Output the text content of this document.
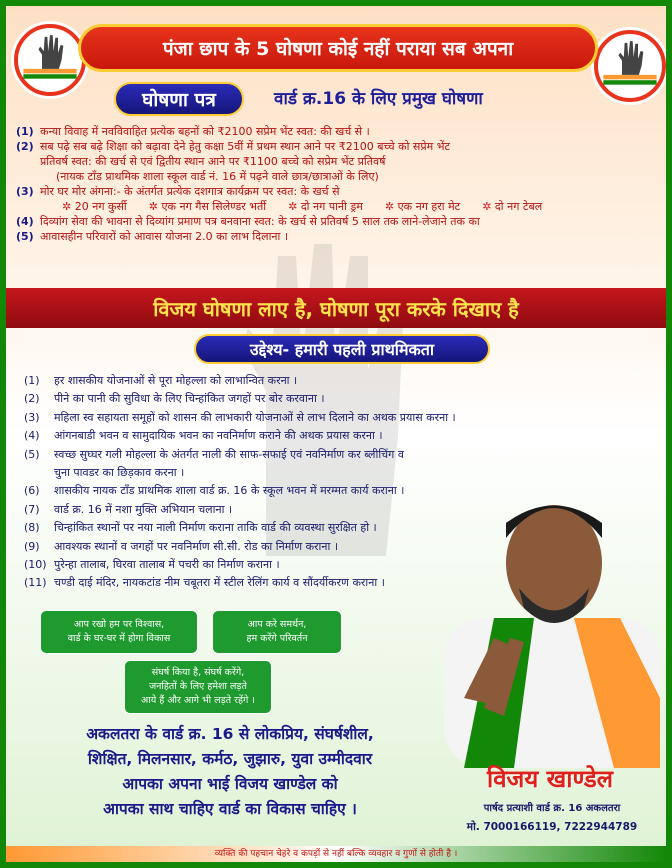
पंजा छाप के 5 घोषणा कोई नहीं पराया सब अपना
घोषणा पत्र	वार्ड क्र.16 के लिए प्रमुख घोषणा
(1) कन्या विवाह में नवविवाहित प्रत्येक बहनों को ₹2100 सप्रेम भेंट स्वत: की खर्च से ।
(2) सब पढ़े सब बढ़े शिक्षा को बढ़ावा देने हेतु कक्षा 5वीं में प्रथम स्थान आने पर ₹2100 बच्चे को सप्रेम भेंट
प्रतिवर्ष स्वत: की खर्च से एवं द्वितीय स्थान आने पर ₹1100 बच्चे को सप्रेम भेंट प्रतिवर्ष
(नायक टाँड प्राथमिक शाला स्कूल वार्ड नं. 16 में पढ़ने वाले छात्र/छात्राओं के लिए)
(3) मोर घर मोर अंगना:- के अंतर्गत प्रत्येक दशगात्र कार्यक्रम पर स्वत: के खर्च से
✲ 20 नग कुर्सी ✲ एक नग गैस सिलेण्डर भर्ती ✲ दो नग पानी ड्रम ✲ एक नग हरा मेट ✲ दो नग टेबल
(4) दिव्यांग सेवा की भावना से दिव्यांग प्रमाण पत्र बनवाना स्वत: के खर्च से प्रतिवर्ष 5 साल तक लाने-लेजाने तक का
(5) आवासहीन परिवारों को आवास योजना 2.0 का लाभ दिलाना ।
विजय घोषणा लाए है, घोषणा पूरा करके दिखाए है
उद्देश्य- हमारी पहली प्राथमिकता
(1)	हर शासकीय योजनाओं से पूरा मोहल्ला को लाभान्वित करना ।
(2)	पीने का पानी की सुविधा के लिए चिन्हांकित जगहों पर बोर करवाना ।
(3)	महिला स्व सहायता समूहों को शासन की लाभकारी योजनाओं से लाभ दिलाने का अथक प्रयास करना ।
(4)	आंगनबाडी भवन व सामुदायिक भवन का नवनिर्माण कराने की अथक प्रयास करना ।
(5)	स्वच्छ सुघ्घर गली मोहल्ला के अंतर्गत नाली की साफ-सफाई एवं नवनिर्माण कर ब्लीचिंग व
चुना पावडर का छिड़काव करना ।
(6)	शासकीय नायक टाँड प्राथमिक शाला वार्ड क्र. 16 के स्कूल भवन में मरम्मत कार्य कराना ।
(7)	वार्ड क्र. 16 में नशा मुक्ति अभियान चलाना ।
(8)	चिन्हांकित स्थानों पर नया नाली निर्माण कराना ताकि वार्ड की व्यवस्था सुरक्षित हो ।
(9)	आवश्यक स्थानों व जगहों पर नवनिर्माण सी.सी. रोड का निर्माण कराना ।
(10) पुरेन्हा तालाब, घिरवा तालाब में पचरी का निर्माण कराना ।
(11) चण्डी दाई मंदिर, नायकटांड नीम चबूतरा में स्टील रेलिंग कार्य व सौंदर्यीकरण कराना ।
आप रखो हम पर विश्वास,
वार्ड के घर-घर में होगा विकास
आप करे समर्थन,
हम करेंगे परिवर्तन
संघर्ष किया है, संघर्ष करेंगे,
जनहितों के लिए हमेशा लड़ते
आये हैं और आगे भी लड़ते रहेंगे ।
अकलतरा के वार्ड क्र. 16 से लोकप्रिय, संघर्षशील,
शिक्षित, मिलनसार, कर्मठ, जुझारु, युवा उम्मीदवार
आपका अपना भाई विजय खाण्डेल को
आपका साथ चाहिए वार्ड का विकास चाहिए ।
विजय खाण्डेल
पार्षद प्रत्याशी वार्ड क्र. 16 अकलतरा
मो. 7000166119, 7222944789
व्यक्ति की पहचान चेहरे व कपड़ों से नहीं बल्कि व्यवहार व गुणों से होती है ।
